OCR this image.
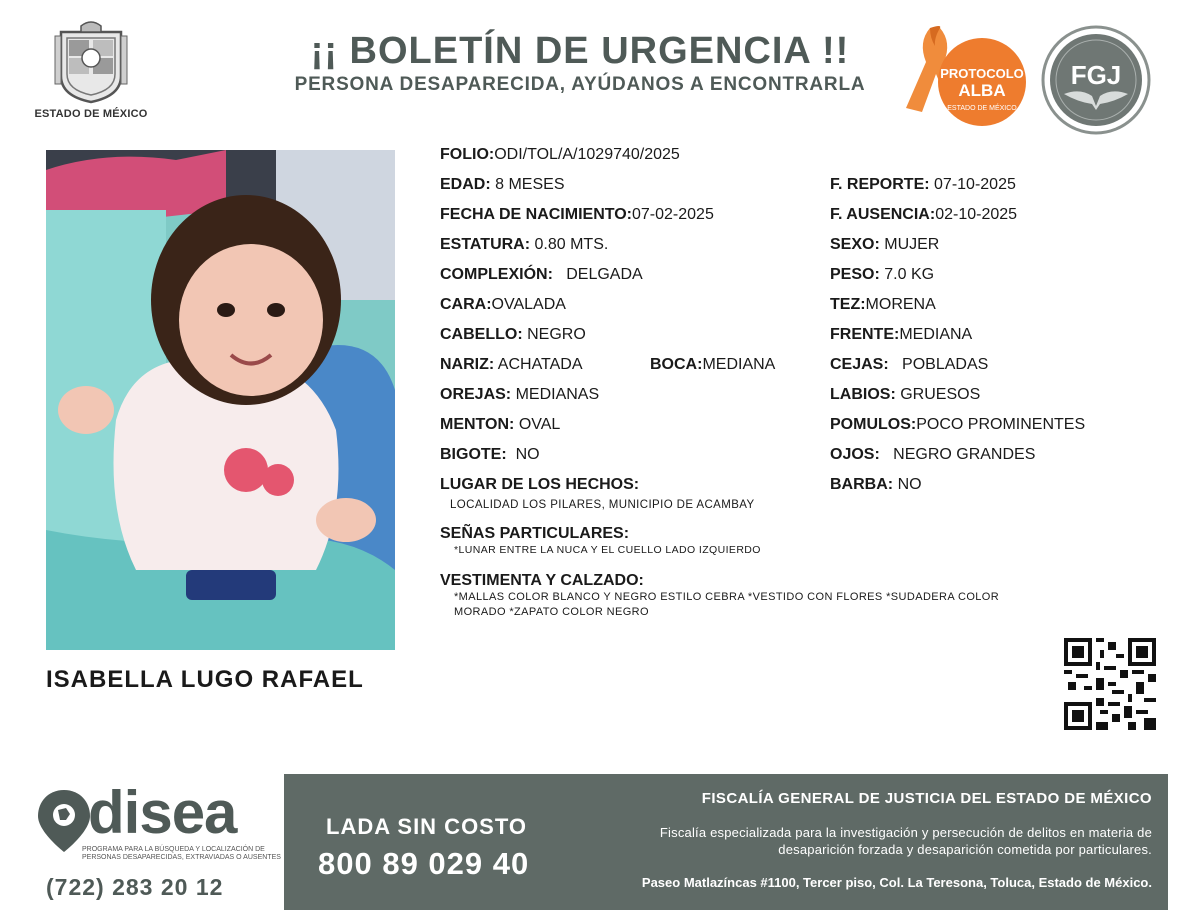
ESTADO DE MÉXICO
¡¡ BOLETÍN DE URGENCIA !!
PERSONA DESAPARECIDA, AYÚDANOS A ENCONTRARLA
PROTOCOLO
ALBA
ESTADO DE MÉXICO
FGJ
ISABELLA LUGO RAFAEL
FOLIO:ODI/TOL/A/1029740/2025
EDAD: 8 MESES	F. REPORTE: 07-10-2025
FECHA DE NACIMIENTO:07-02-2025	F. AUSENCIA:02-10-2025
ESTATURA: 0.80 MTS.	SEXO: MUJER
COMPLEXIÓN: DELGADA	PESO: 7.0 KG
CARA:OVALADA	TEZ:MORENA
CABELLO: NEGRO	FRENTE:MEDIANA
NARIZ: ACHATADA	BOCA:MEDIANA	CEJAS: POBLADAS
OREJAS: MEDIANAS	LABIOS: GRUESOS
MENTON: OVAL	POMULOS:POCO PROMINENTES
BIGOTE: NO	OJOS: NEGRO GRANDES
LUGAR DE LOS HECHOS:	BARBA: NO
LOCALIDAD LOS PILARES, MUNICIPIO DE ACAMBAY
SEÑAS PARTICULARES:
*LUNAR ENTRE LA NUCA Y EL CUELLO LADO IZQUIERDO
VESTIMENTA Y CALZADO:
*MALLAS COLOR BLANCO Y NEGRO ESTILO CEBRA *VESTIDO CON FLORES *SUDADERA COLOR MORADO *ZAPATO COLOR NEGRO
disea
PROGRAMA PARA LA BÚSQUEDA Y LOCALIZACIÓN DE PERSONAS DESAPARECIDAS, EXTRAVIADAS O AUSENTES
(722) 283 20 12
LADA SIN COSTO
800 89 029 40
FISCALÍA GENERAL DE JUSTICIA DEL ESTADO DE MÉXICO
Fiscalía especializada para la investigación y persecución de delitos en materia de desaparición forzada y desaparición cometida por particulares.
Paseo Matlazíncas #1100, Tercer piso, Col. La Teresona, Toluca, Estado de México.
